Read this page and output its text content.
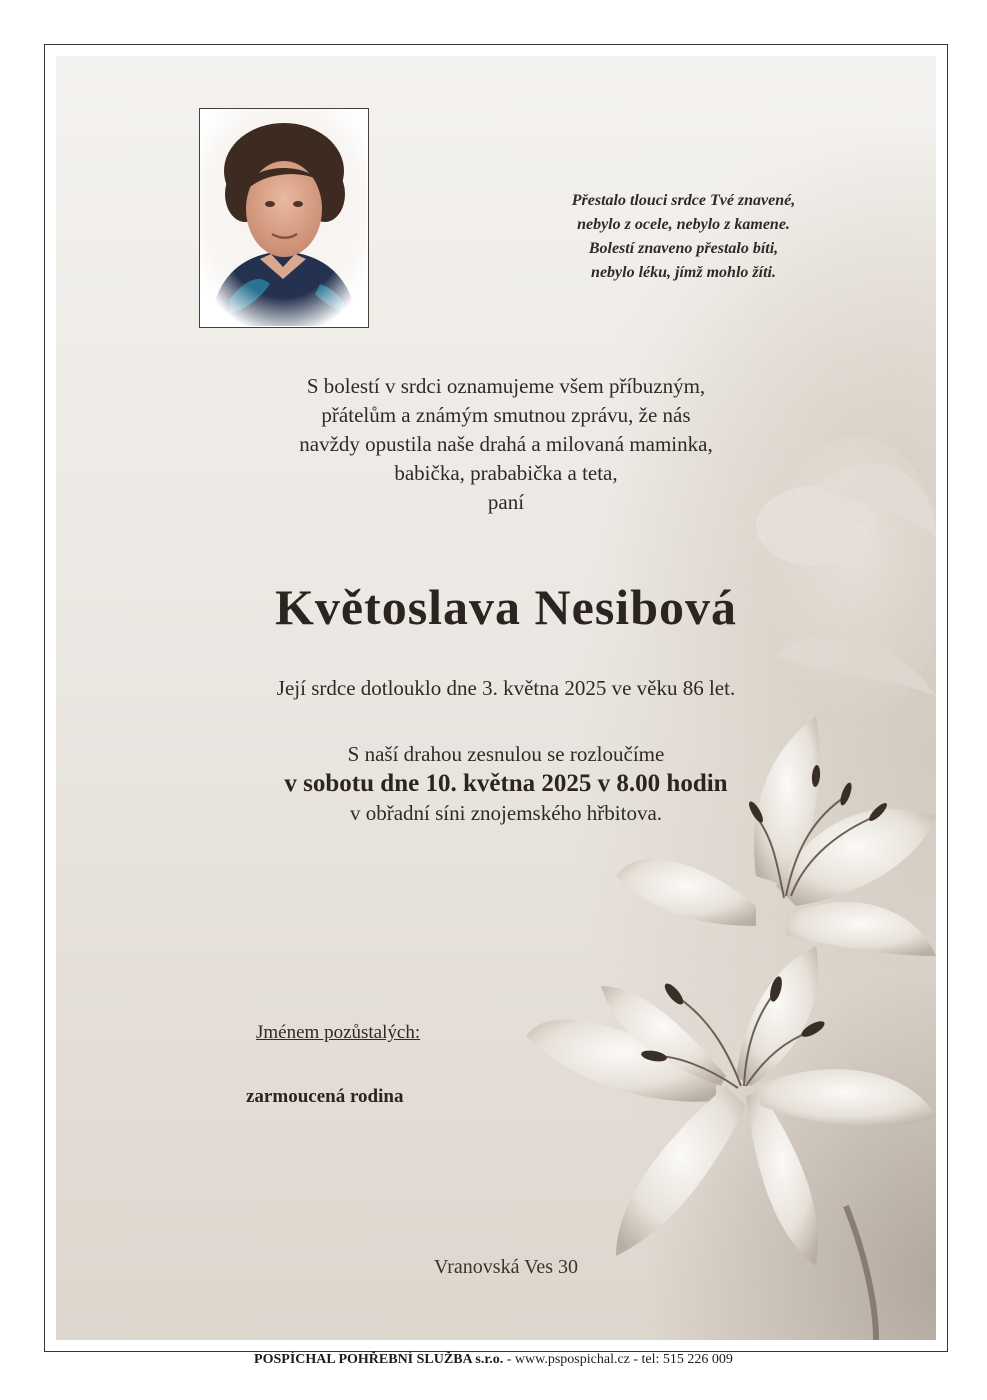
Přestalo tlouci srdce Tvé znavené,
nebylo z ocele, nebylo z kamene.
Bolestí znaveno přestalo bíti,
nebylo léku, jímž mohlo žíti.
S bolestí v srdci oznamujeme všem příbuzným,
přátelům a známým smutnou zprávu, že nás
navždy opustila naše drahá a milovaná maminka,
babička, prababička a teta,
paní
Květoslava Nesibová
Její srdce dotlouklo dne 3. května 2025 ve věku 86 let.
S naší drahou zesnulou se rozloučíme
v sobotu dne 10. května 2025 v 8.00 hodin
v obřadní síni znojemského hřbitova.
Jménem pozůstalých:
zarmoucená rodina
Vranovská Ves 30
POSPÍCHAL POHŘEBNÍ SLUŽBA s.r.o. - www.pspospichal.cz - tel: 515 226 009
